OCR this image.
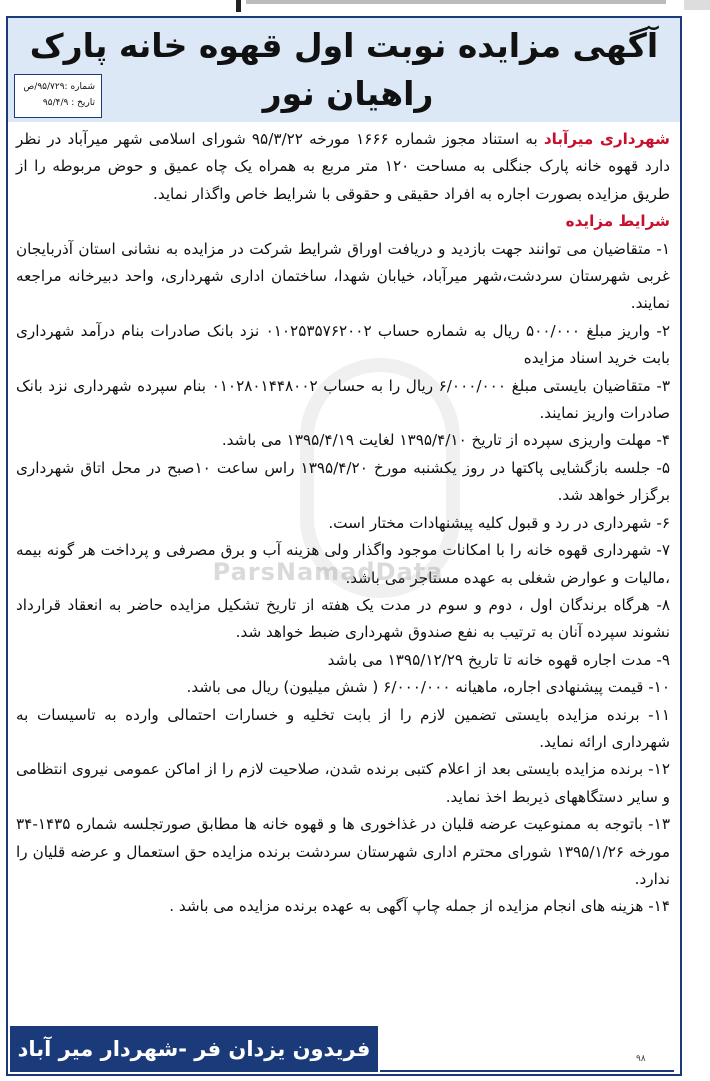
آگهی مزایده نوبت اول قهوه خانه پارک
راهیان نور
شماره :۹۵/۷۲۹/ص
تاریخ : ۹۵/۴/۹

شهرداری میرآباد به استناد مجوز شماره ۱۶۶۶ مورخه ۹۵/۳/۲۲ شورای اسلامی شهر میرآباد در نظر دارد قهوه خانه پارک جنگلی به مساحت ۱۲۰ متر مربع به همراه یک چاه عمیق و حوض مربوطه را از طریق مزایده بصورت اجاره به افراد حقیقی و حقوقی با شرایط خاص واگذار نماید.

شرایط مزایده

۱- متقاضیان می توانند جهت بازدید و دریافت اوراق شرایط شرکت در مزایده به نشانی استان آذربایجان غربی شهرستان سردشت،شهر میرآباد، خیابان شهدا، ساختمان اداری شهرداری، واحد دبیرخانه مراجعه نمایند.

۲- واریز مبلغ ۵۰۰/۰۰۰ ریال به شماره حساب ۰۱۰۲۵۳۵۷۶۲۰۰۲ نزد بانک صادرات بنام درآمد شهرداری بابت خرید اسناد مزایده

۳- متقاضیان بایستی مبلغ ۶/۰۰۰/۰۰۰ ریال را به حساب ۰۱۰۲۸۰۱۴۴۸۰۰۲ بنام سپرده شهرداری نزد بانک صادرات واریز نمایند.

۴- مهلت واریزی سپرده از تاریخ ۱۳۹۵/۴/۱۰ لغایت ۱۳۹۵/۴/۱۹ می باشد.

۵- جلسه بازگشایی پاکتها در روز یکشنبه مورخ ۱۳۹۵/۴/۲۰ راس ساعت ۱۰صبح در محل اتاق شهرداری برگزار خواهد شد.

۶- شهرداری در رد و قبول کلیه پیشنهادات مختار است.

۷- شهرداری قهوه خانه را با امکانات موجود واگذار ولی هزینه آب و برق مصرفی و پرداخت هر گونه بیمه ،مالیات و عوارض شغلی به عهده مستاجر می باشد.

۸- هرگاه برندگان اول ، دوم و سوم در مدت یک هفته از تاریخ تشکیل مزایده حاضر به انعقاد قرارداد نشوند سپرده آنان به ترتیب به نفع صندوق شهرداری ضبط خواهد شد.

۹- مدت اجاره قهوه خانه تا تاریخ ۱۳۹۵/۱۲/۲۹ می باشد

۱۰- قیمت پیشنهادی اجاره، ماهیانه ۶/۰۰۰/۰۰۰ ( شش میلیون) ریال می باشد.

۱۱- برنده مزایده بایستی تضمین لازم را از بابت تخلیه و خسارات احتمالی وارده به تاسیسات به شهرداری ارائه نماید.

۱۲- برنده مزایده بایستی بعد از اعلام کتبی برنده شدن، صلاحیت لازم را از اماکن عمومی نیروی انتظامی و سایر دستگاههای ذیربط اخذ نماید.

۱۳- باتوجه به ممنوعیت عرضه قلیان در غذاخوری ها و قهوه خانه ها مطابق صورتجلسه شماره ۱۴۳۵-۳۴ مورخه ۱۳۹۵/۱/۲۶ شورای محترم اداری شهرستان سردشت برنده مزایده حق استعمال و عرضه قلیان را ندارد.

۱۴- هزینه های انجام مزایده از جمله چاپ آگهی به عهده برنده مزایده می باشد .

ParsNamadData
فریدون یزدان فر -شهردار میر آباد	۹۸
